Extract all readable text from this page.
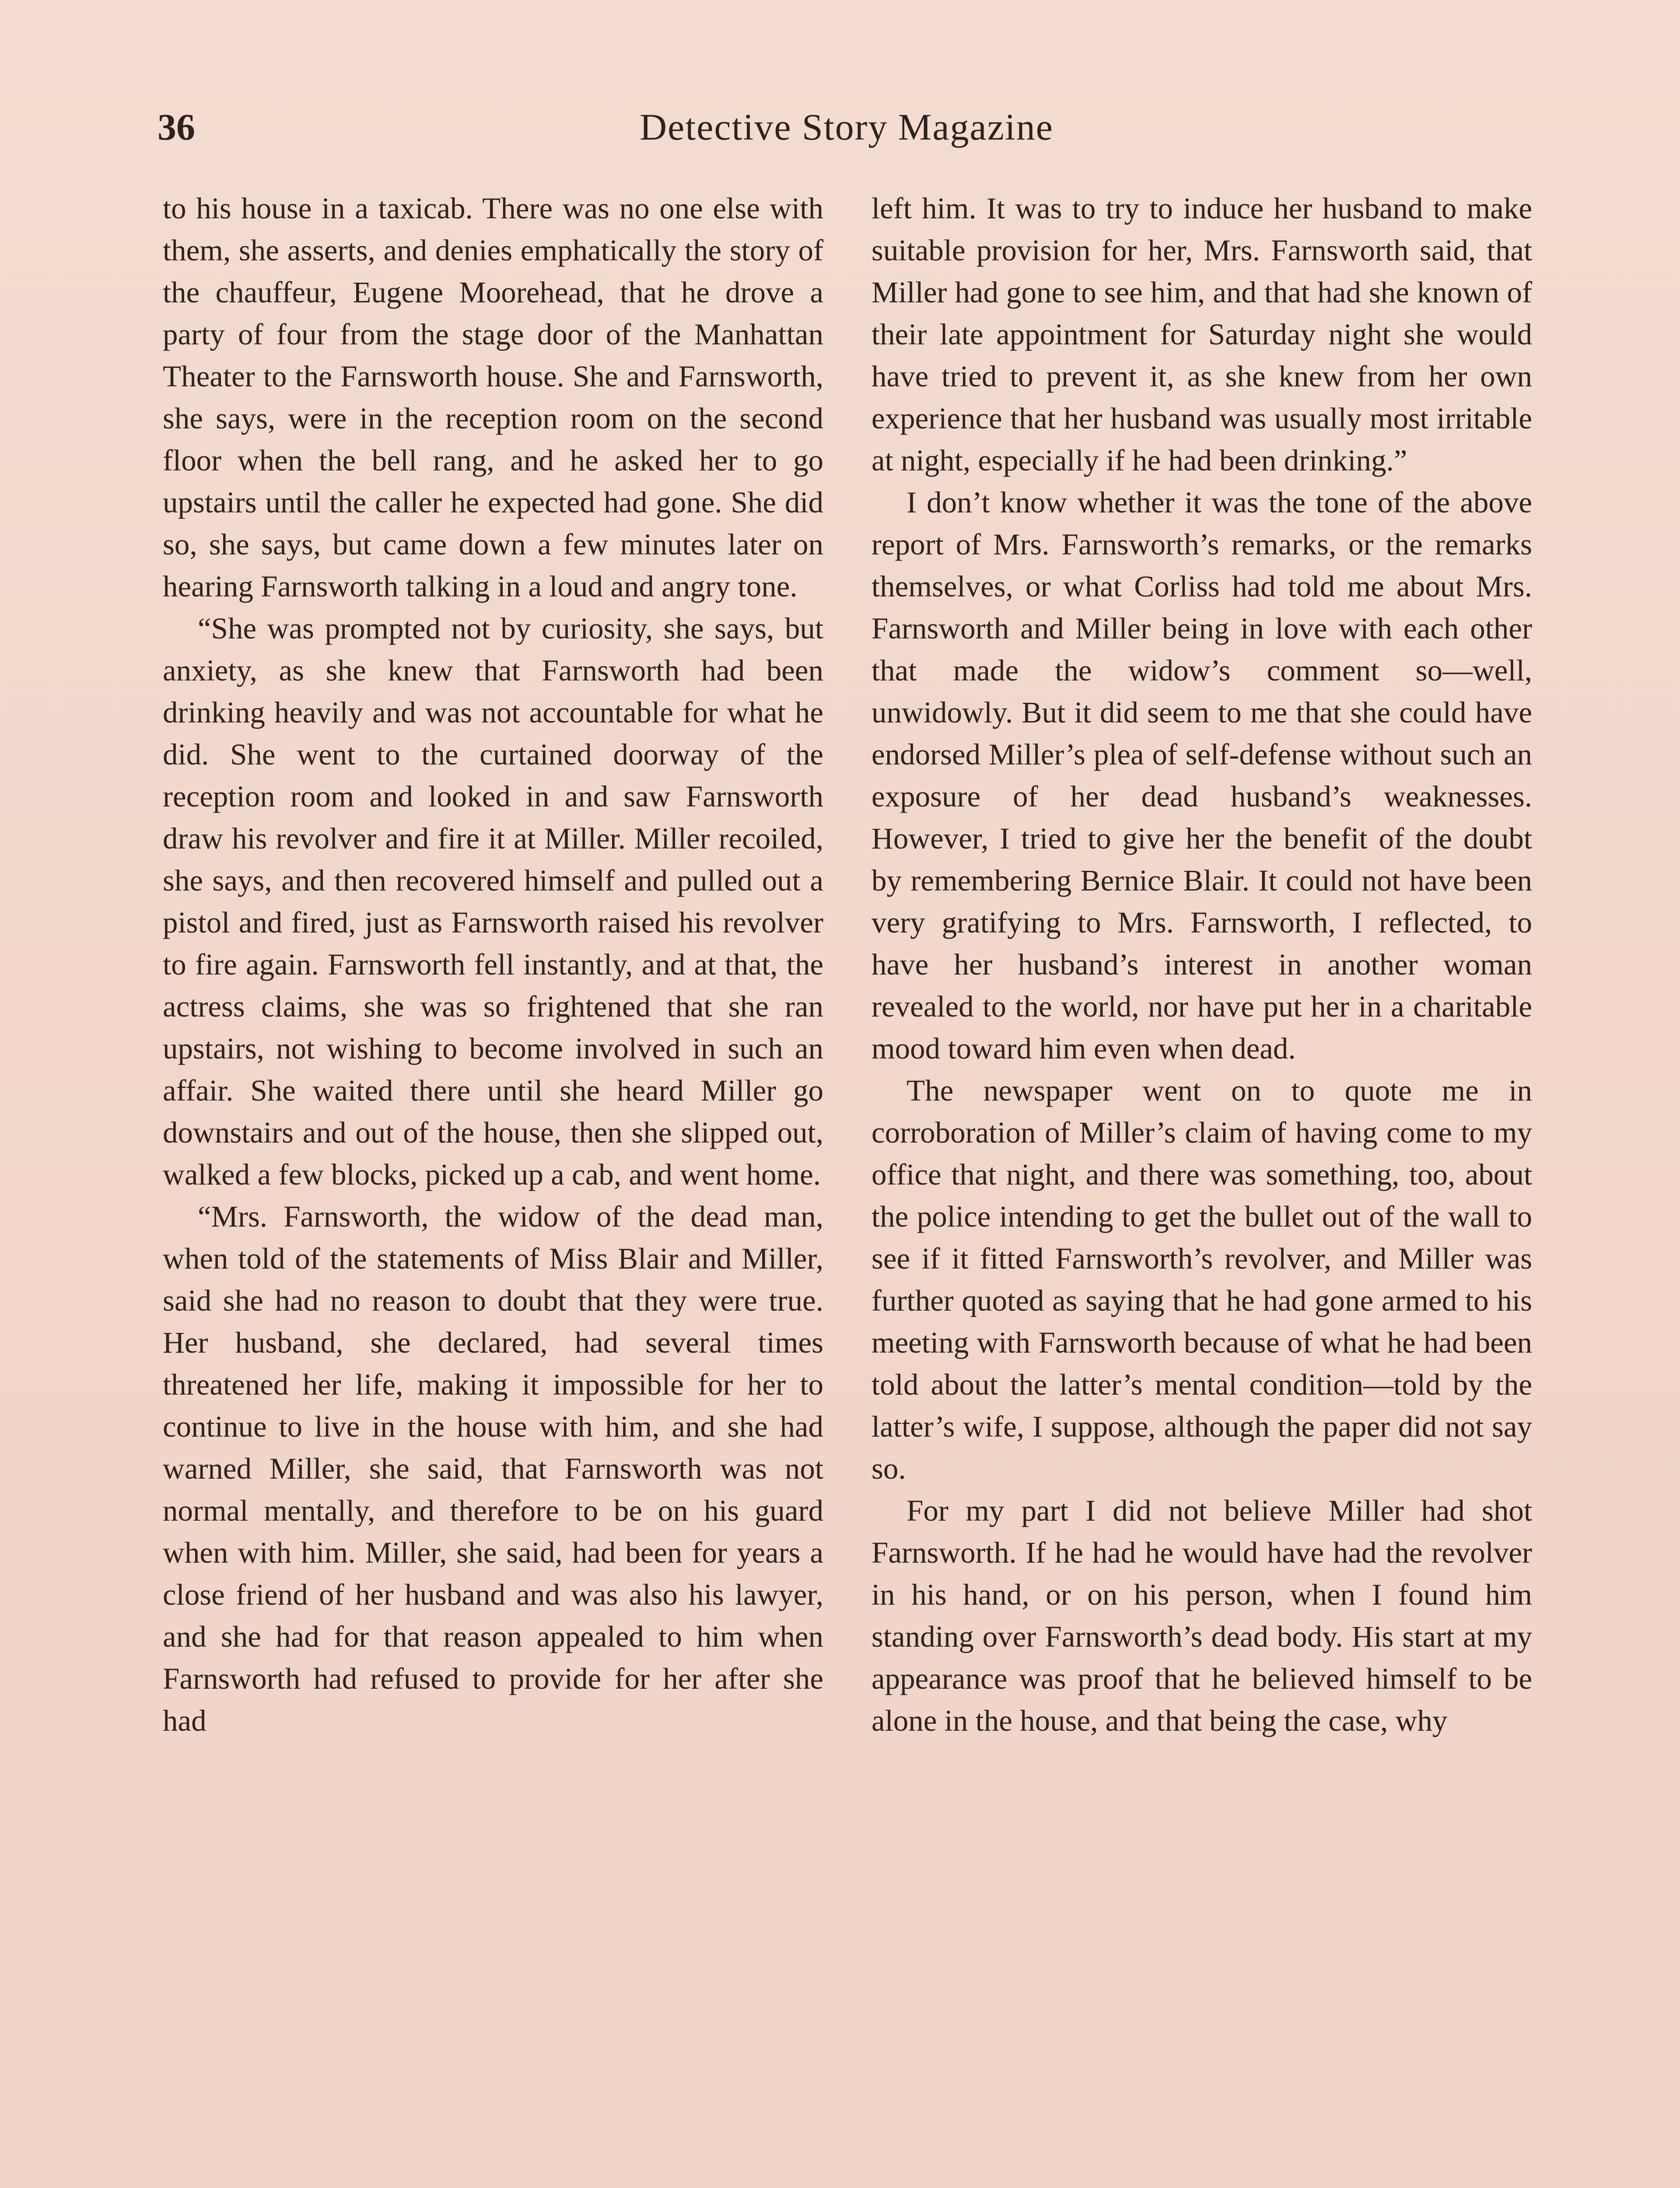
36	Detective Story Magazine

to his house in a taxicab. There was no one else with them, she asserts, and denies emphatically the story of the chauffeur, Eugene Moorehead, that he drove a party of four from the stage door of the Manhattan Theater to the Farnsworth house. She and Farnsworth, she says, were in the reception room on the second floor when the bell rang, and he asked her to go upstairs until the caller he expected had gone. She did so, she says, but came down a few minutes later on hearing Farnsworth talking in a loud and angry tone.

“She was prompted not by curiosity, she says, but anxiety, as she knew that Farnsworth had been drinking heavily and was not accountable for what he did. She went to the curtained doorway of the reception room and looked in and saw Farnsworth draw his revolver and fire it at Miller. Miller recoiled, she says, and then recovered himself and pulled out a pistol and fired, just as Farnsworth raised his revolver to fire again. Farnsworth fell instantly, and at that, the actress claims, she was so frightened that she ran upstairs, not wishing to become involved in such an affair. She waited there until she heard Miller go downstairs and out of the house, then she slipped out, walked a few blocks, picked up a cab, and went home.

“Mrs. Farnsworth, the widow of the dead man, when told of the statements of Miss Blair and Miller, said she had no reason to doubt that they were true. Her husband, she declared, had several times threatened her life, making it impossible for her to continue to live in the house with him, and she had warned Miller, she said, that Farnsworth was not normal mentally, and therefore to be on his guard when with him. Miller, she said, had been for years a close friend of her husband and was also his lawyer, and she had for that reason appealed to him when Farnsworth had refused to provide for her after she had

left him. It was to try to induce her husband to make suitable provision for her, Mrs. Farnsworth said, that Miller had gone to see him, and that had she known of their late appointment for Saturday night she would have tried to prevent it, as she knew from her own experience that her husband was usually most irritable at night, especially if he had been drinking.”

I don’t know whether it was the tone of the above report of Mrs. Farnsworth’s remarks, or the remarks themselves, or what Corliss had told me about Mrs. Farnsworth and Miller being in love with each other that made the widow’s comment so—well, unwidowly. But it did seem to me that she could have endorsed Miller’s plea of self-defense without such an exposure of her dead husband’s weaknesses. However, I tried to give her the benefit of the doubt by remembering Bernice Blair. It could not have been very gratifying to Mrs. Farnsworth, I reflected, to have her husband’s interest in another woman revealed to the world, nor have put her in a charitable mood toward him even when dead.

The newspaper went on to quote me in corroboration of Miller’s claim of having come to my office that night, and there was something, too, about the police intending to get the bullet out of the wall to see if it fitted Farnsworth’s revolver, and Miller was further quoted as saying that he had gone armed to his meeting with Farnsworth because of what he had been told about the latter’s mental condition—told by the latter’s wife, I suppose, although the paper did not say so.

For my part I did not believe Miller had shot Farnsworth. If he had he would have had the revolver in his hand, or on his person, when I found him standing over Farnsworth’s dead body. His start at my appearance was proof that he believed himself to be alone in the house, and that being the case, why
